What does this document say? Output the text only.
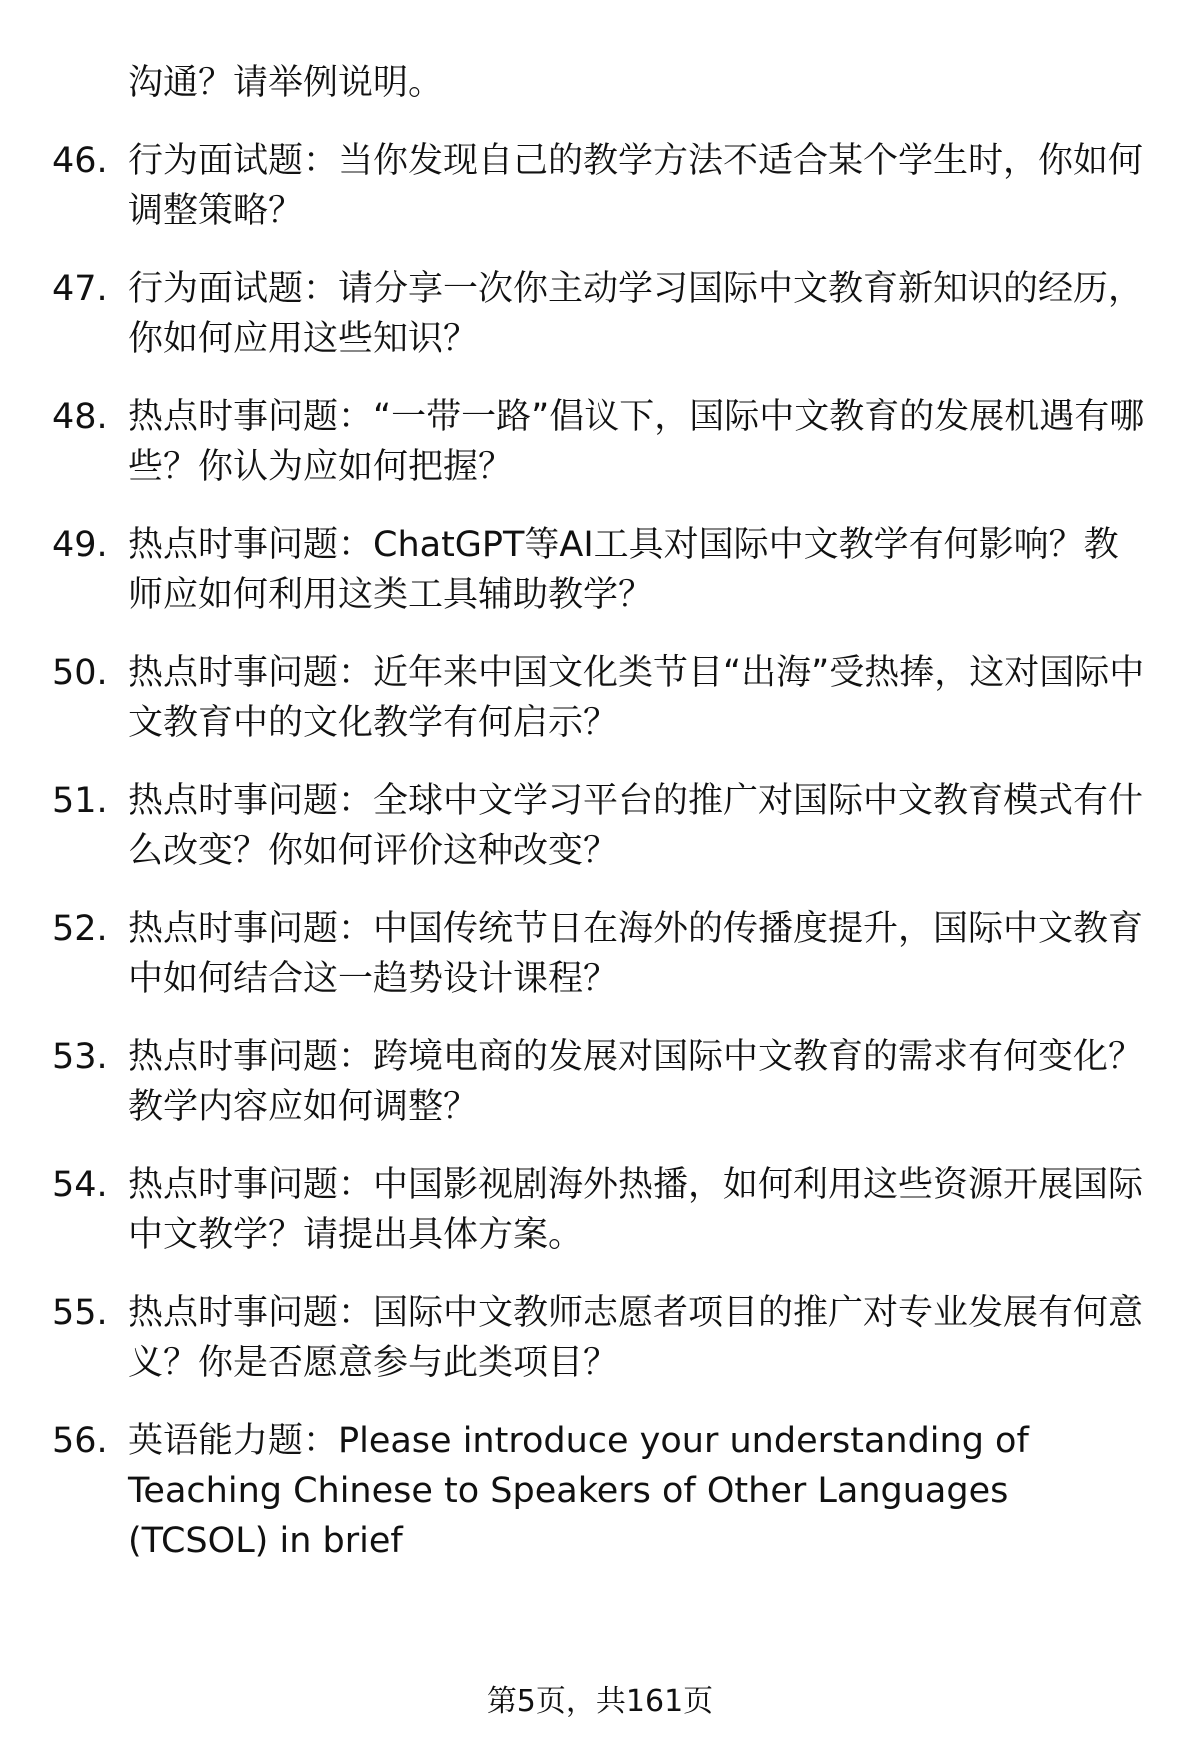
沟通？请举例说明。
46. 行为面试题：当你发现自己的教学方法不适合某个学生时，你如何调整策略？
47. 行为面试题：请分享一次你主动学习国际中文教育新知识的经历，你如何应用这些知识？
48. 热点时事问题：“一带一路”倡议下，国际中文教育的发展机遇有哪些？你认为应如何把握？
49. 热点时事问题：ChatGPT等AI工具对国际中文教学有何影响？教师应如何利用这类工具辅助教学？
50. 热点时事问题：近年来中国文化类节目“出海”受热捧，这对国际中文教育中的文化教学有何启示？
51. 热点时事问题：全球中文学习平台的推广对国际中文教育模式有什么改变？你如何评价这种改变？
52. 热点时事问题：中国传统节日在海外的传播度提升，国际中文教育中如何结合这一趋势设计课程？
53. 热点时事问题：跨境电商的发展对国际中文教育的需求有何变化？教学内容应如何调整？
54. 热点时事问题：中国影视剧海外热播，如何利用这些资源开展国际中文教学？请提出具体方案。
55. 热点时事问题：国际中文教师志愿者项目的推广对专业发展有何意义？你是否愿意参与此类项目？
56. 英语能力题：Please introduce your understanding of Teaching Chinese to Speakers of Other Languages (TCSOL) in brief
第5页，共161页
